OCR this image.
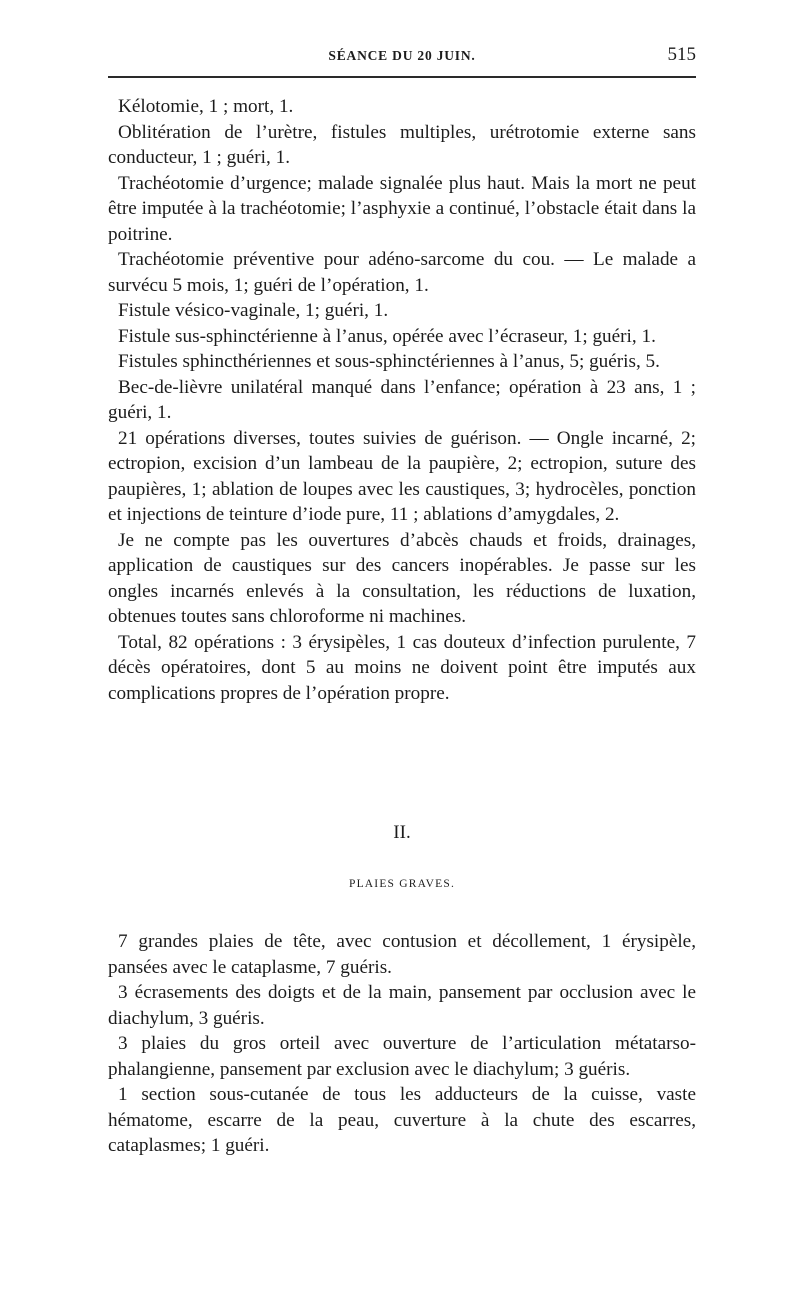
SÉANCE DU 20 JUIN.	515

Kélotomie, 1 ; mort, 1.

Oblitération de l’urètre, fistules multiples, urétrotomie externe sans conducteur, 1 ; guéri, 1.

Trachéotomie d’urgence; malade signalée plus haut. Mais la mort ne peut être imputée à la trachéotomie; l’asphyxie a continué, l’obstacle était dans la poitrine.

Trachéotomie préventive pour adéno-sarcome du cou. — Le malade a survécu 5 mois, 1; guéri de l’opération, 1.

Fistule vésico-vaginale, 1; guéri, 1.

Fistule sus-sphinctérienne à l’anus, opérée avec l’écraseur, 1; guéri, 1.

Fistules sphincthériennes et sous-sphinctériennes à l’anus, 5; guéris, 5.

Bec-de-lièvre unilatéral manqué dans l’enfance; opération à 23 ans, 1 ; guéri, 1.

21 opérations diverses, toutes suivies de guérison. — Ongle incarné, 2; ectropion, excision d’un lambeau de la paupière, 2; ectropion, suture des paupières, 1; ablation de loupes avec les caustiques, 3; hydrocèles, ponction et injections de teinture d’iode pure, 11 ; ablations d’amygdales, 2.

Je ne compte pas les ouvertures d’abcès chauds et froids, drainages, application de caustiques sur des cancers inopérables. Je passe sur les ongles incarnés enlevés à la consultation, les réductions de luxation, obtenues toutes sans chloroforme ni machines.

Total, 82 opérations : 3 érysipèles, 1 cas douteux d’infection purulente, 7 décès opératoires, dont 5 au moins ne doivent point être imputés aux complications propres de l’opération propre.

II.
PLAIES GRAVES.

7 grandes plaies de tête, avec contusion et décollement, 1 érysipèle, pansées avec le cataplasme, 7 guéris.

3 écrasements des doigts et de la main, pansement par occlusion avec le diachylum, 3 guéris.

3 plaies du gros orteil avec ouverture de l’articulation métatarso-phalangienne, pansement par exclusion avec le diachylum; 3 guéris.

1 section sous-cutanée de tous les adducteurs de la cuisse, vaste hématome, escarre de la peau, cuverture à la chute des escarres, cataplasmes; 1 guéri.
